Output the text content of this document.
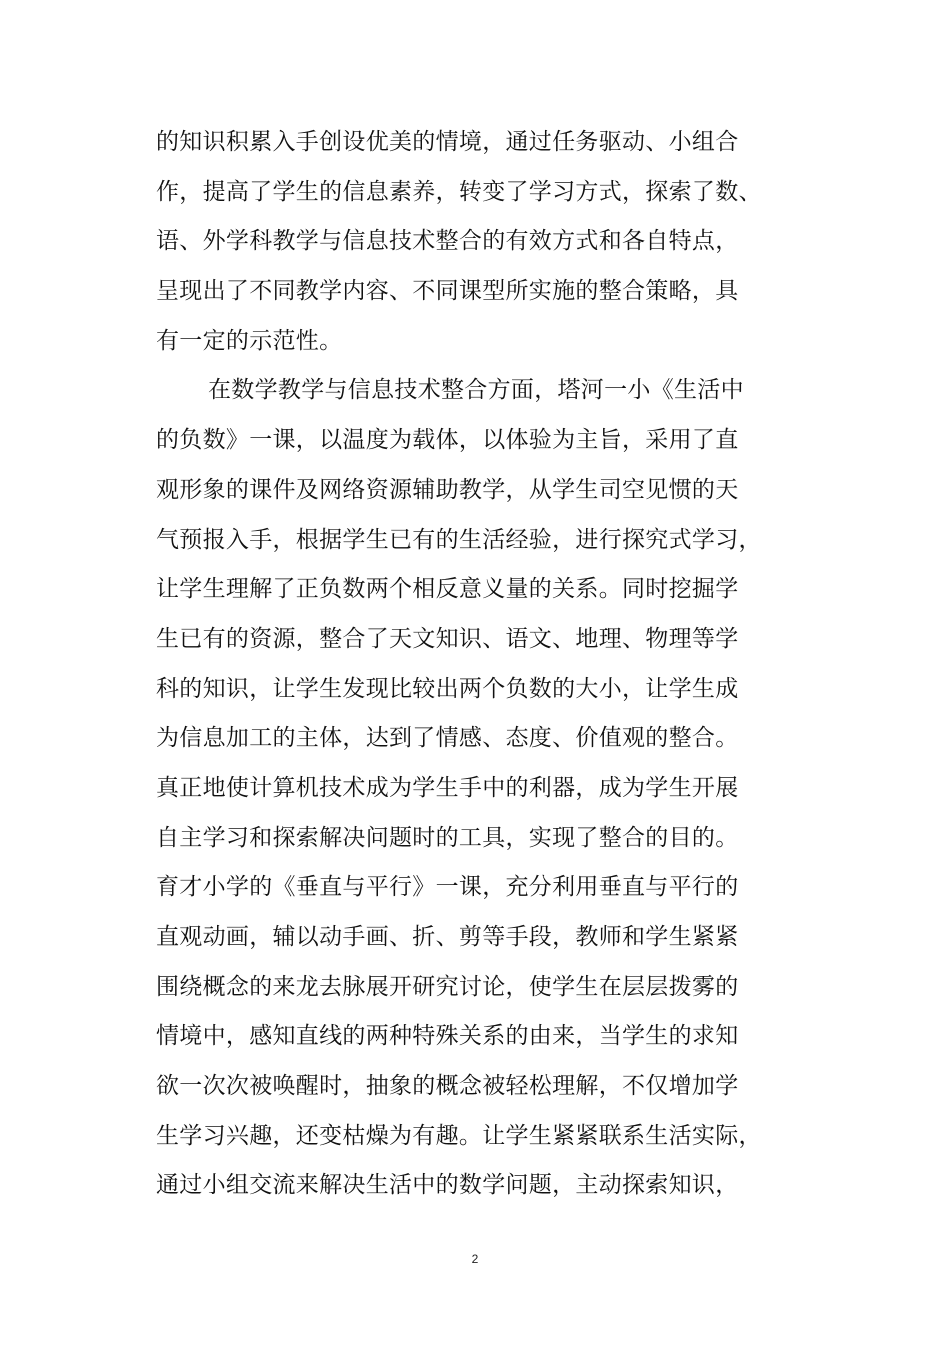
的知识积累入手创设优美的情境，通过任务驱动、小组合
作，提高了学生的信息素养，转变了学习方式，探索了数、
语、外学科教学与信息技术整合的有效方式和各自特点，
呈现出了不同教学内容、不同课型所实施的整合策略，具
有一定的示范性。
在数学教学与信息技术整合方面，塔河一小《生活中
的负数》一课，以温度为载体，以体验为主旨，采用了直
观形象的课件及网络资源辅助教学，从学生司空见惯的天
气预报入手，根据学生已有的生活经验，进行探究式学习，
让学生理解了正负数两个相反意义量的关系。同时挖掘学
生已有的资源，整合了天文知识、语文、地理、物理等学
科的知识，让学生发现比较出两个负数的大小，让学生成
为信息加工的主体，达到了情感、态度、价值观的整合。
真正地使计算机技术成为学生手中的利器，成为学生开展
自主学习和探索解决问题时的工具，实现了整合的目的。
育才小学的《垂直与平行》一课，充分利用垂直与平行的
直观动画，辅以动手画、折、剪等手段，教师和学生紧紧
围绕概念的来龙去脉展开研究讨论，使学生在层层拨雾的
情境中，感知直线的两种特殊关系的由来，当学生的求知
欲一次次被唤醒时，抽象的概念被轻松理解，不仅增加学
生学习兴趣，还变枯燥为有趣。让学生紧紧联系生活实际，
通过小组交流来解决生活中的数学问题，主动探索知识，
2
